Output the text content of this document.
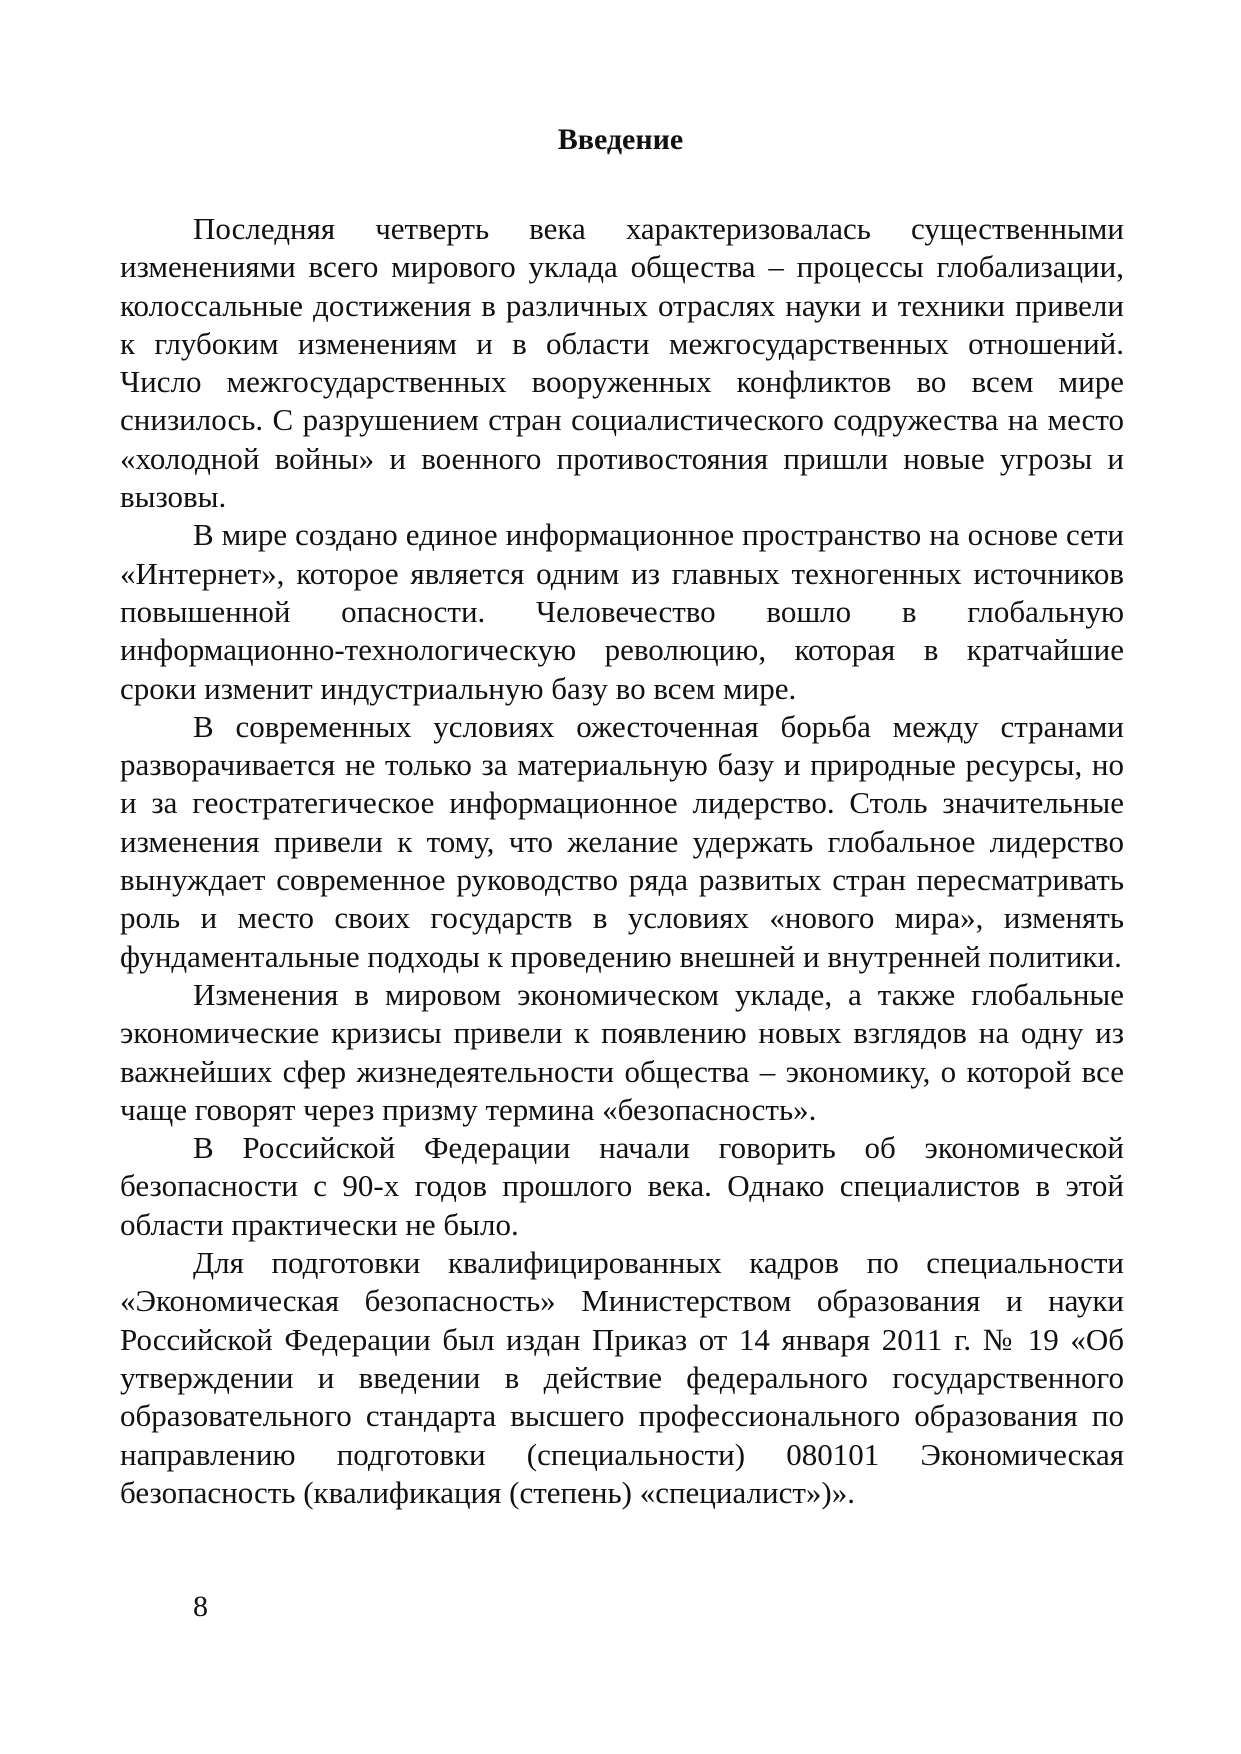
Введение

Последняя четверть века характеризовалась существенными изменениями всего мирового уклада общества – процессы глобализации, колоссальные достижения в различных отраслях науки и техники привели к глубоким изменениям и в области межгосударственных отношений. Число межгосударственных вооруженных конфликтов во всем мире снизилось. С разрушением стран социалистического содружества на место «холодной войны» и военного противостояния пришли новые угрозы и вызовы.

В мире создано единое информационное пространство на основе сети «Интернет», которое является одним из главных техногенных источников повышенной опасности. Человечество вошло в глобальную информационно-технологическую революцию, которая в кратчайшие сроки изменит индустриальную базу во всем мире.

В современных условиях ожесточенная борьба между странами разворачивается не только за материальную базу и природные ресурсы, но и за геостратегическое информационное лидерство. Столь значительные изменения привели к тому, что желание удержать глобальное лидерство вынуждает современное руководство ряда развитых стран пересматривать роль и место своих государств в условиях «нового мира», изменять фундаментальные подходы к проведению внешней и внутренней политики.

Изменения в мировом экономическом укладе, а также глобальные экономические кризисы привели к появлению новых взглядов на одну из важнейших сфер жизнедеятельности общества – экономику, о которой все чаще говорят через призму термина «безопасность».

В Российской Федерации начали говорить об экономической безопасности с 90-х годов прошлого века. Однако специалистов в этой области практически не было.

Для подготовки квалифицированных кадров по специальности «Экономическая безопасность» Министерством образования и науки Российской Федерации был издан Приказ от 14 января 2011 г. № 19 «Об утверждении и введении в действие федерального государственного образовательного стандарта высшего профессионального образования по направлению подготовки (специальности) 080101 Экономическая безопасность (квалификация (степень) «специалист»)».

8
